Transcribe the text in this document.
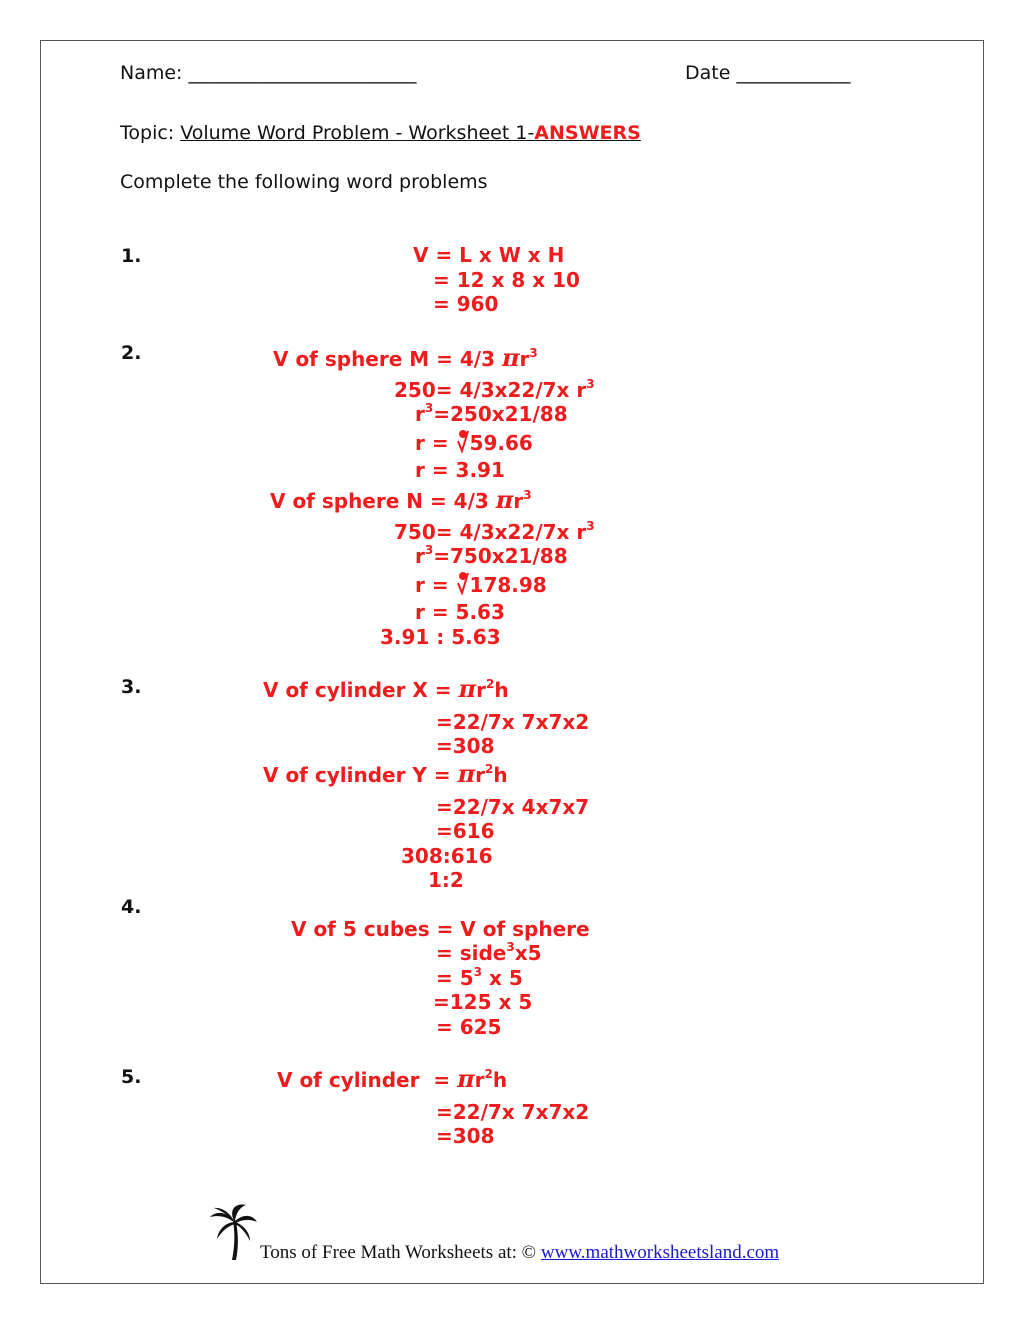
Name: ________________________	Date ____________
Topic: Volume Word Problem - Worksheet 1-ANSWERS
Complete the following word problems
1.
2.
3.
4.
5.
V = L x W x H
= 12 x 8 x 10
= 960
V of sphere M = 4/3 $\pi r^3$
250= 4/3x22/7x $r^3$
$r^3=250x21/88$
r = 59.66
r = 3.91
V of sphere N = 4/3 $\pi r^3$
750= 4/3x22/7x $r^3$
$r^3=750x21/88$
r = 178.98
r = 5.63
3.91 : 5.63
V of cylinder $X = \pi r^2h$
=22/7x 7x7x2
=308
V of cylinder $Y = \pi r^2h$
=22/7x 4x7x7
=616
308:616
1:2
V of 5 cubes = V of sphere
= side$^3$x5
= $5^3$ x 5
=125 x 5
= 625
V of cylinder  = $\pi r^2h$
=22/7x 7x7x2
=308
Tons of Free Math Worksheets at: © www.mathworksheetsland.com
